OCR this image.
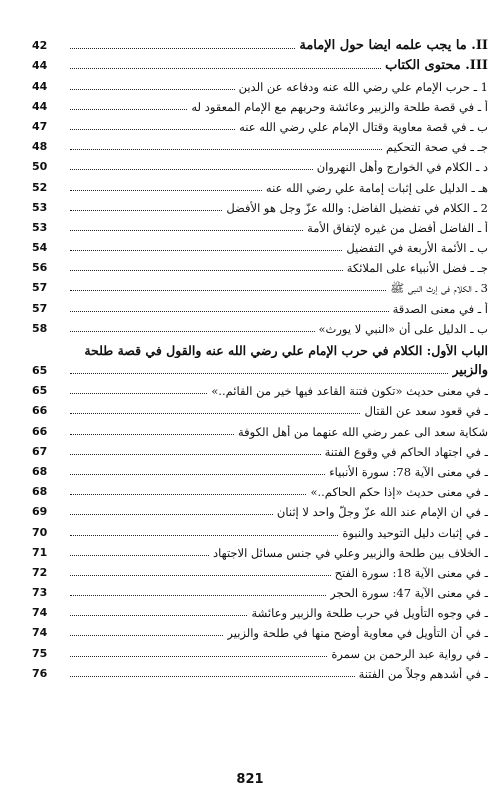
42	II. ما يجب علمه أيضاً حول الإمامة
44	III. محتوى الكتاب
44	1 ـ حرب الإمام علي رضي الله عنه ودفاعه عن الدين
44	أ ـ في قصة طلحة والزبير وعائشة وحربهم مع الإمام المعقود له
47	ب ـ في قصة معاوية وقتال الإمام علي رضي الله عنه
48	جـ ـ في صحة التحكيم
50	د ـ الكلام في الخوارج وأهل النهروان
52	هـ ـ الدليل على إثبات إمامة علي رضي الله عنه
53	2 ـ الكلام في تفضيل الفاضل: والله عزّ وجل هو الأفضل
53	أ ـ الفاضل أفضل من غيره لإتفاق الأمة
54	ب ـ الأئمة الأربعة في التفضيل
56	جـ ـ فضل الأنبياء على الملائكة
57	3 ـ الكلام في إرث النبي ﷺ
57	أ ـ في معنى الصدقة
58	ب ـ الدليل على أن «النبي لا يورث»
الباب الأول: الكلام في حرب الإمام علي رضي الله عنه والقول في قصة طلحة
65	والزبير
65	ـ في معنى حديث «تكون فتنة القاعد فيها خير من القائم..»
66	ـ في قعود سعد عن القتال
66	شكاية سعد الى عمر رضي الله عنهما من أهل الكوفة
67	ـ في اجتهاد الحاكم في وقوع الفتنة
68	ـ في معنى الآية 78: سورة الأنبياء
68	ـ في معنى حديث «إذا حكم الحاكم..»
69	ـ في ان الإمام عند الله عزّ وجلّ واحد لا إثنان
70	ـ في إثبات دليل التوحيد والنبوة
71	ـ الخلاف بين طلحة والزبير وعلي في جنس مسائل الاجتهاد
72	ـ في معنى الآية 18: سورة الفتح
73	ـ في معنى الآية 47: سورة الحجر
74	ـ في وجوه التأويل في حرب طلحة والزبير وعائشة
74	ـ في أن التأويل في معاوية أوضح منها في طلحة والزبير
75	ـ في رواية عبد الرحمن بن سمرة
76	ـ في أشدهم وجلاً من الفتنة
821
